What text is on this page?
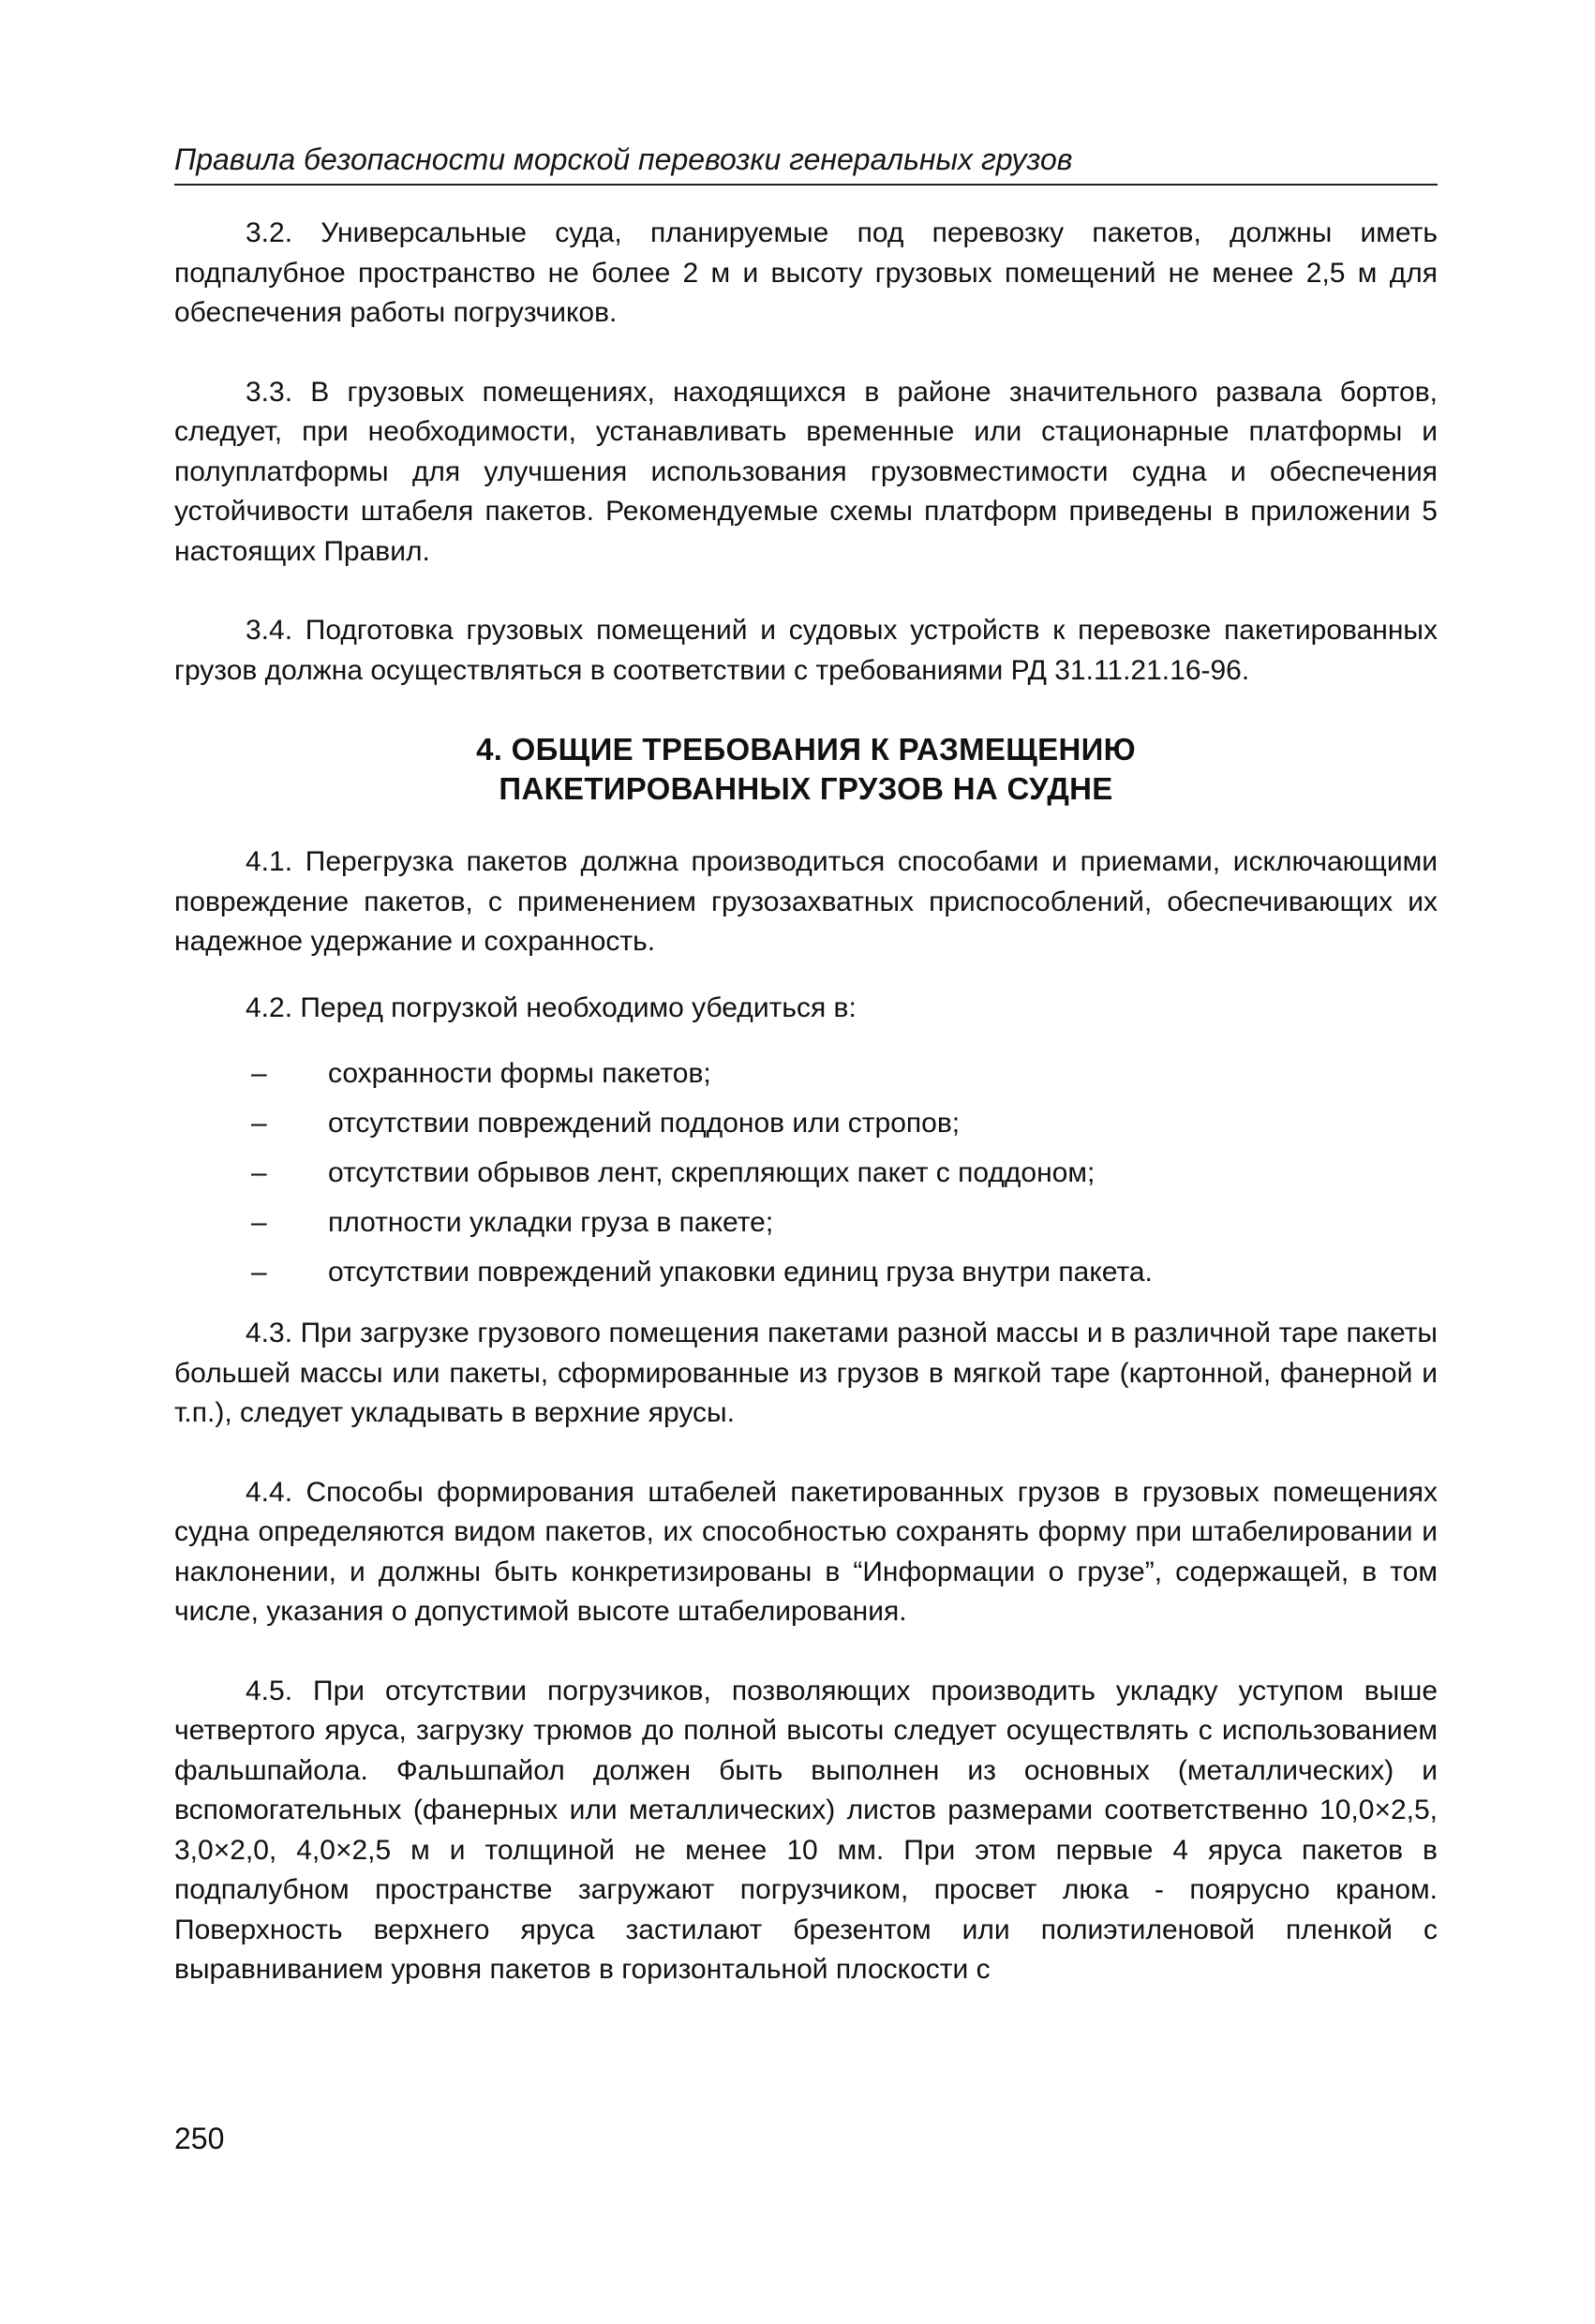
Правила безопасности морской перевозки генеральных грузов

3.2. Универсальные суда, планируемые под перевозку пакетов, должны иметь подпалубное пространство не более 2 м и высоту грузовых помещений не менее 2,5 м для обеспечения работы погрузчиков.

3.3. В грузовых помещениях, находящихся в районе значительного развала бортов, следует, при необходимости, устанавливать временные или стационарные платформы и полуплатформы для улучшения использования грузовместимости судна и обеспечения устойчивости штабеля пакетов. Рекомендуемые схемы платформ приведены в приложении 5 настоящих Правил.

3.4. Подготовка грузовых помещений и судовых устройств к перевозке пакетированных грузов должна осуществляться в соответствии с требованиями РД 31.11.21.16-96.

4. ОБЩИЕ ТРЕБОВАНИЯ К РАЗМЕЩЕНИЮ
ПАКЕТИРОВАННЫХ ГРУЗОВ НА СУДНЕ

4.1. Перегрузка пакетов должна производиться способами и приемами, исключающими повреждение пакетов, с применением грузозахватных приспособлений, обеспечивающих их надежное удержание и сохранность.

4.2. Перед погрузкой необходимо убедиться в:

– сохранности формы пакетов;
– отсутствии повреждений поддонов или стропов;
– отсутствии обрывов лент, скрепляющих пакет с поддоном;
– плотности укладки груза в пакете;
– отсутствии повреждений упаковки единиц груза внутри пакета.

4.3. При загрузке грузового помещения пакетами разной массы и в различной таре пакеты большей массы или пакеты, сформированные из грузов в мягкой таре (картонной, фанерной и т.п.), следует укладывать в верхние ярусы.

4.4. Способы формирования штабелей пакетированных грузов в грузовых помещениях судна определяются видом пакетов, их способностью сохранять форму при штабелировании и наклонении, и должны быть конкретизированы в “Информации о грузе”, содержащей, в том числе, указания о допустимой высоте штабелирования.

4.5. При отсутствии погрузчиков, позволяющих производить укладку уступом выше четвертого яруса, загрузку трюмов до полной высоты следует осуществлять с использованием фальшпайола. Фальшпайол должен быть выполнен из основных (металлических) и вспомогательных (фанерных или металлических) листов размерами соответственно 10,0×2,5, 3,0×2,0, 4,0×2,5 м и толщиной не менее 10 мм. При этом первые 4 яруса пакетов в подпалубном пространстве загружают погрузчиком, просвет люка - поярусно краном. Поверхность верхнего яруса застилают брезентом или полиэтиленовой пленкой с выравниванием уровня пакетов в горизонтальной плоскости с

250
